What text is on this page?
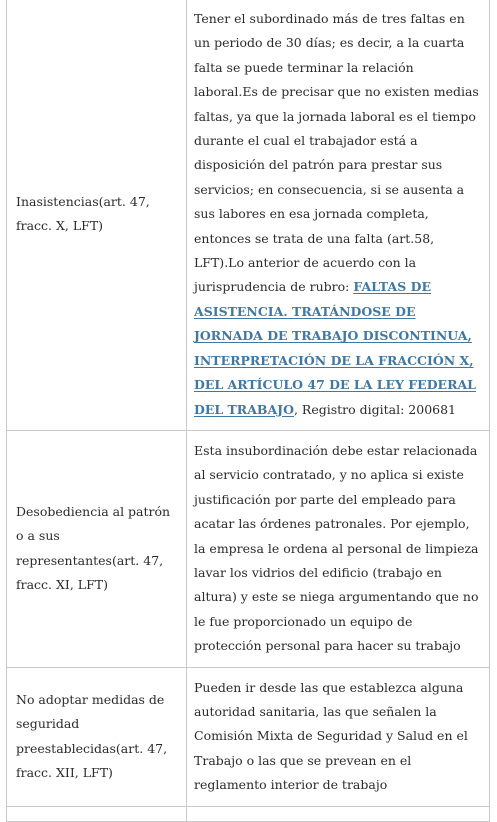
Inasistencias(art. 47, fracc. X, LFT)	Tener el subordinado más de tres faltas en un periodo de 30 días; es decir, a la cuarta falta se puede terminar la relación laboral.Es de precisar que no existen medias faltas, ya que la jornada laboral es el tiempo durante el cual el trabajador está a disposición del patrón para prestar sus servicios; en consecuencia, si se ausenta a sus labores en esa jornada completa, entonces se trata de una falta (art.58, LFT).Lo anterior de acuerdo con la jurisprudencia de rubro: FALTAS DE ASISTENCIA. TRATÁNDOSE DE JORNADA DE TRABAJO DISCONTINUA, INTERPRETACIÓN DE LA FRACCIÓN X, DEL ARTÍCULO 47 DE LA LEY FEDERAL DEL TRABAJO, Registro digital: 200681
Desobediencia al patrón o a sus representantes(art. 47, fracc. XI, LFT)	Esta insubordinación debe estar relacionada al servicio contratado, y no aplica si existe justificación por parte del empleado para acatar las órdenes patronales. Por ejemplo, la empresa le ordena al personal de limpieza lavar los vidrios del edificio (trabajo en altura) y este se niega argumentando que no le fue proporcionado un equipo de protección personal para hacer su trabajo
No adoptar medidas de seguridad preestablecidas(art. 47, fracc. XII, LFT)	Pueden ir desde las que establezca alguna autoridad sanitaria, las que señalen la Comisión Mixta de Seguridad y Salud en el Trabajo o las que se prevean en el reglamento interior de trabajo
